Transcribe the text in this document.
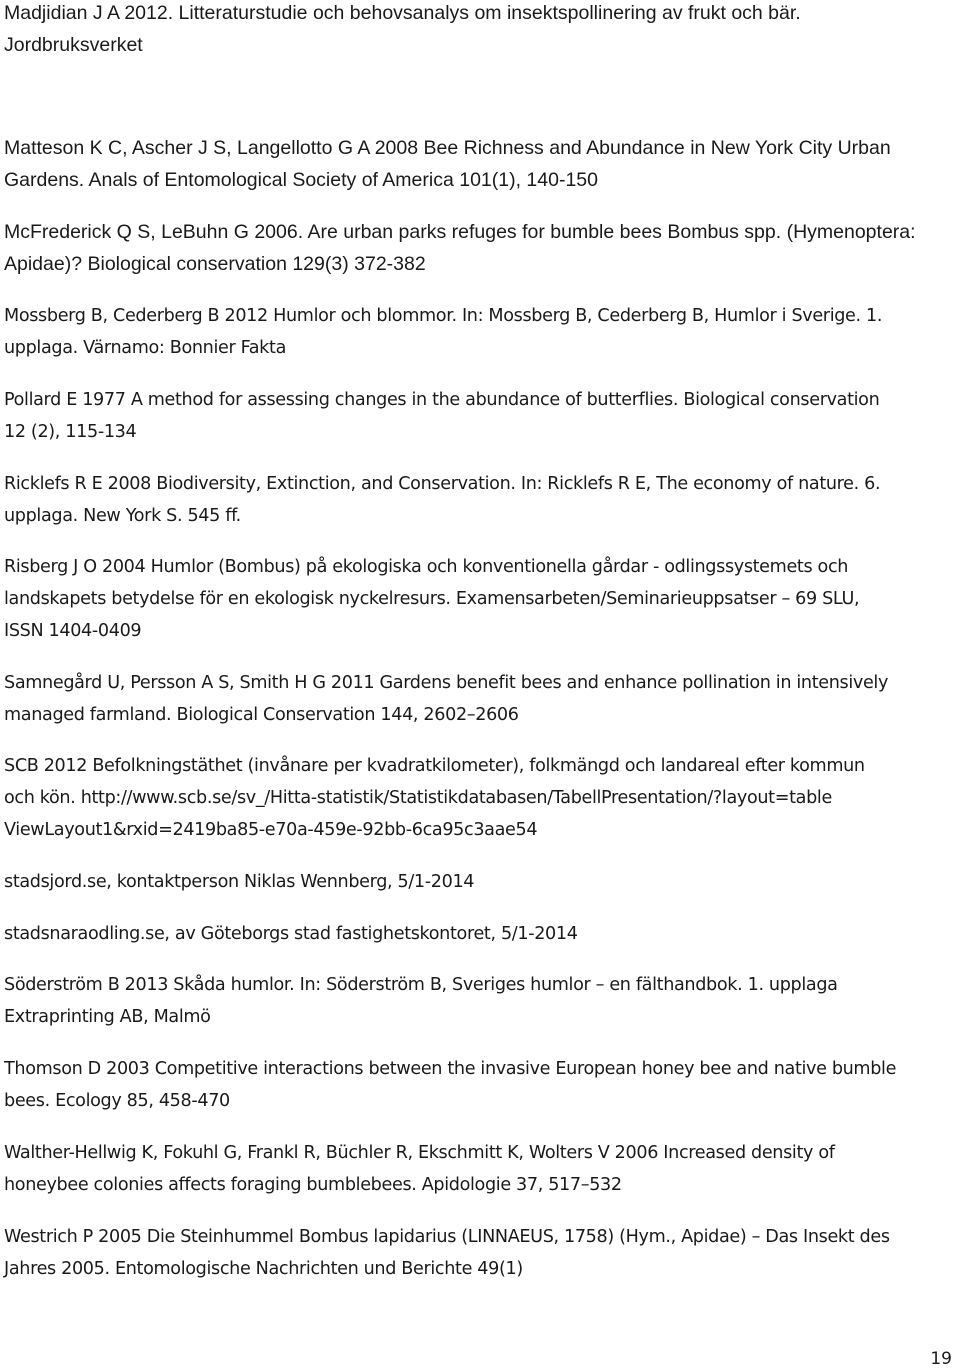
Madjidian J A 2012. Litteraturstudie och behovsanalys om insektspollinering av frukt och bär.
Jordbruksverket

Matteson K C, Ascher J S, Langellotto G A 2008 Bee Richness and Abundance in New York City Urban
Gardens. Anals of Entomological Society of America 101(1), 140-150

McFrederick Q S, LeBuhn G 2006. Are urban parks refuges for bumble bees Bombus spp. (Hymenoptera:
Apidae)? Biological conservation 129(3) 372-382

Mossberg B, Cederberg B 2012 Humlor och blommor. In: Mossberg B, Cederberg B, Humlor i Sverige. 1.
upplaga. Värnamo: Bonnier Fakta

Pollard E 1977 A method for assessing changes in the abundance of butterflies. Biological conservation
12 (2), 115-134

Ricklefs R E 2008 Biodiversity, Extinction, and Conservation. In: Ricklefs R E, The economy of nature. 6.
upplaga. New York S. 545 ff.

Risberg J O 2004 Humlor (Bombus) på ekologiska och konventionella gårdar - odlingssystemets och
landskapets betydelse för en ekologisk nyckelresurs. Examensarbeten/Seminarieuppsatser – 69 SLU,
ISSN 1404-0409

Samnegård U, Persson A S, Smith H G 2011 Gardens benefit bees and enhance pollination in intensively
managed farmland. Biological Conservation 144, 2602–2606

SCB 2012 Befolkningstäthet (invånare per kvadratkilometer), folkmängd och landareal efter kommun
och kön. http://www.scb.se/sv_/Hitta-statistik/Statistikdatabasen/TabellPresentation/?layout=table
ViewLayout1&rxid=2419ba85-e70a-459e-92bb-6ca95c3aae54

stadsjord.se, kontaktperson Niklas Wennberg, 5/1-2014

stadsnaraodling.se, av Göteborgs stad fastighetskontoret, 5/1-2014

Söderström B 2013 Skåda humlor. In: Söderström B, Sveriges humlor – en fälthandbok. 1. upplaga
Extraprinting AB, Malmö

Thomson D 2003 Competitive interactions between the invasive European honey bee and native bumble
bees. Ecology 85, 458-470

Walther-Hellwig K, Fokuhl G, Frankl R, Büchler R, Ekschmitt K, Wolters V 2006 Increased density of
honeybee colonies affects foraging bumblebees. Apidologie 37, 517–532

Westrich P 2005 Die Steinhummel Bombus lapidarius (LINNAEUS, 1758) (Hym., Apidae) – Das Insekt des
Jahres 2005. Entomologische Nachrichten und Berichte 49(1)

19
